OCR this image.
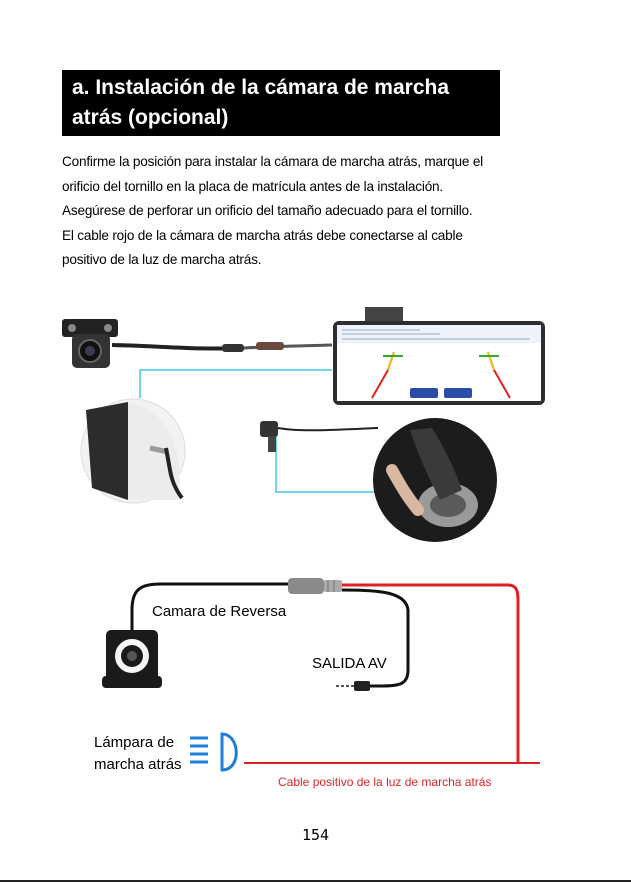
a. Instalación de la cámara de marcha
atrás (opcional)
Confirme la posición para instalar la cámara de marcha atrás, marque el
orificio del tornillo en la placa de matrícula antes de la instalación.
Asegúrese de perforar un orificio del tamaño adecuado para el tornillo.
El cable rojo de la cámara de marcha atrás debe conectarse al cable
positivo de la luz de marcha atrás.
Camara de Reversa
SALIDA AV
Lámpara de
marcha atrás
Cable positivo de la luz de marcha atrás
154
